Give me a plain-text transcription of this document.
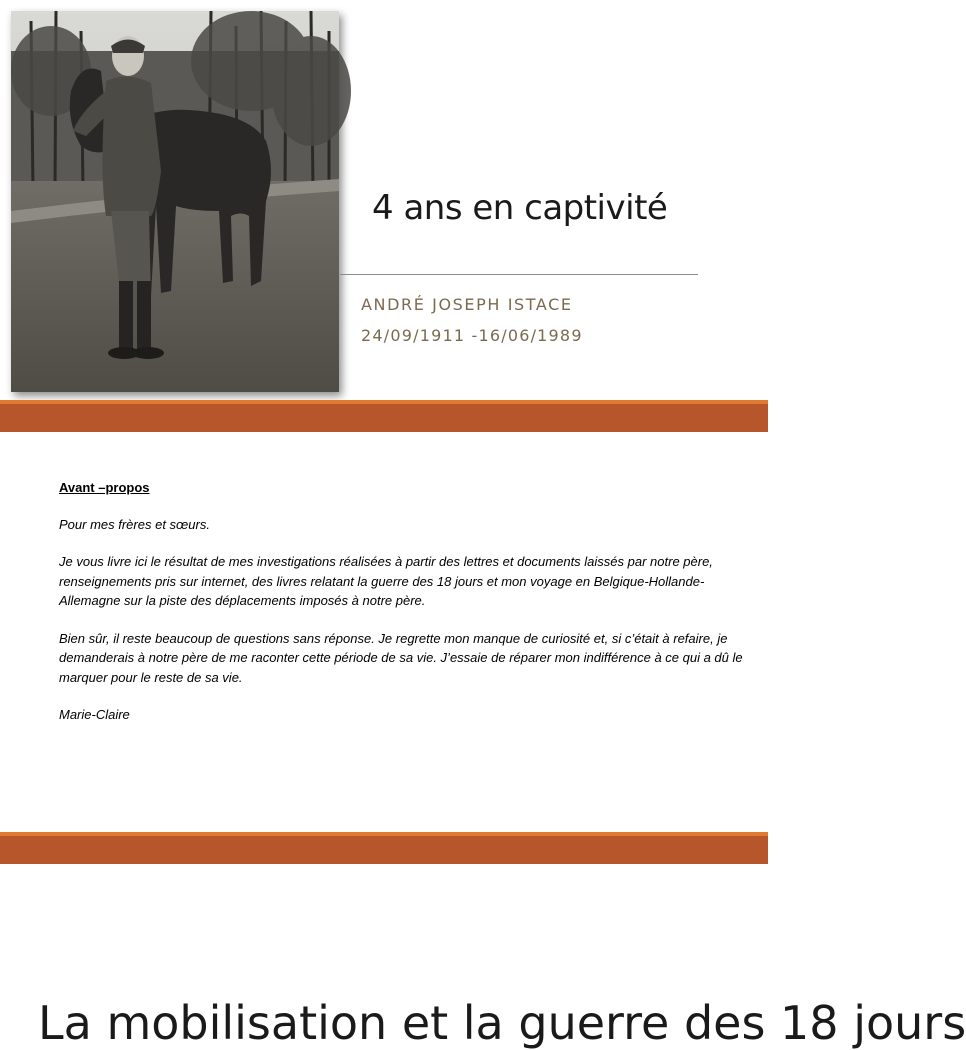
4 ans en captivité
ANDRÉ JOSEPH ISTACE
24/09/1911 -16/06/1989
Avant –propos

Pour mes frères et sœurs.

Je vous livre ici le résultat de mes investigations réalisées à partir des lettres et documents laissés par notre père, renseignements pris sur internet, des livres relatant la guerre des 18 jours et mon voyage en Belgique-Hollande-Allemagne sur la piste des déplacements imposés à notre père.

Bien sûr, il reste beaucoup de questions sans réponse. Je regrette mon manque de curiosité et, si c’était à refaire, je demanderais à notre père de me raconter cette période de sa vie. J’essaie de réparer mon indifférence à ce qui a dû le marquer pour le reste de sa vie.

Marie-Claire

La mobilisation et la guerre des 18 jours
